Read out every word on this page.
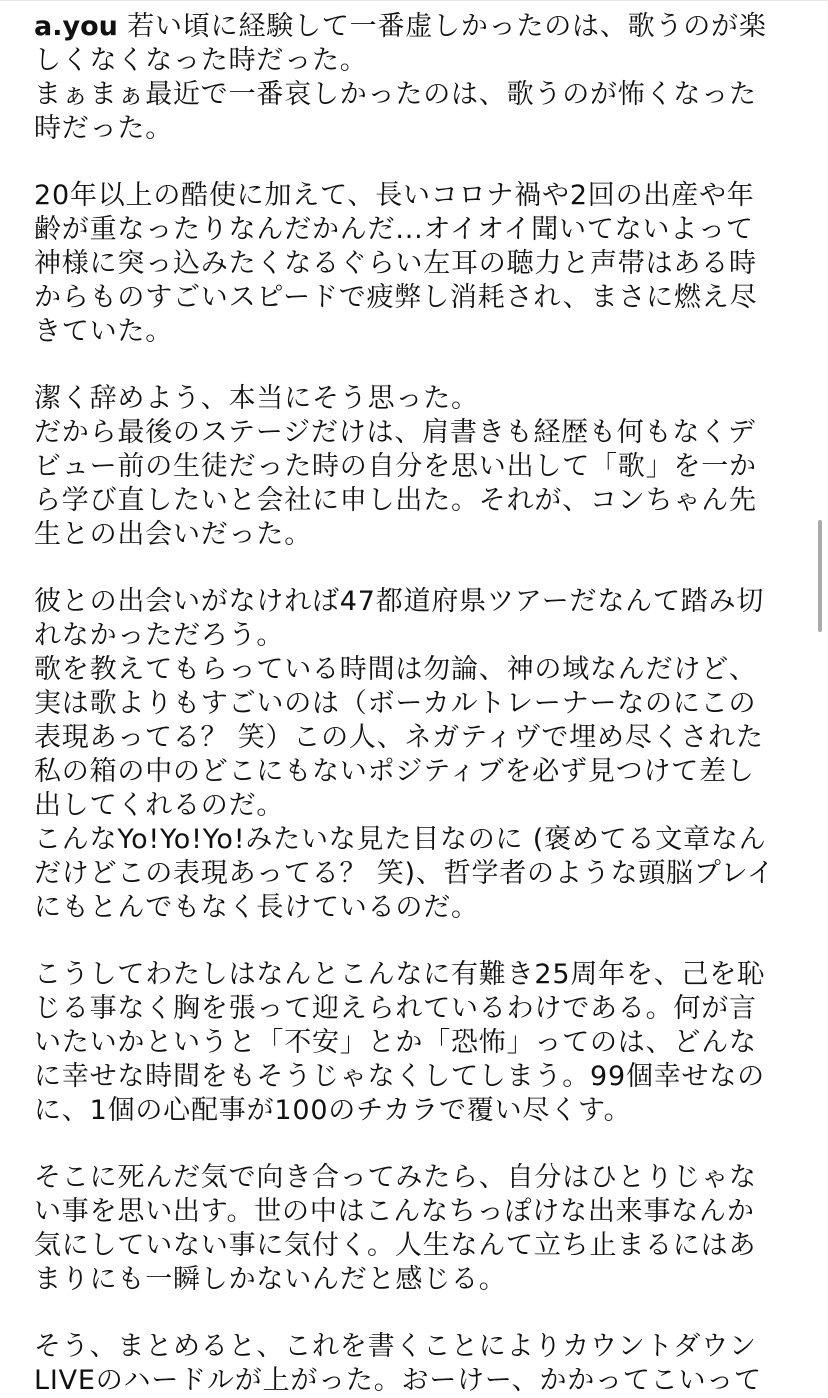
a.you 若い頃に経験して一番虚しかったのは、歌うのが楽
しくなくなった時だった。
まぁまぁ最近で一番哀しかったのは、歌うのが怖くなった
時だった。
20年以上の酷使に加えて、長いコロナ禍や2回の出産や年
齢が重なったりなんだかんだ...オイオイ聞いてないよって
神様に突っ込みたくなるぐらい左耳の聴力と声帯はある時
からものすごいスピードで疲弊し消耗され、まさに燃え尽
きていた。
潔く辞めよう、本当にそう思った。
だから最後のステージだけは、肩書きも経歴も何もなくデ
ビュー前の生徒だった時の自分を思い出して「歌」を一か
ら学び直したいと会社に申し出た。それが、コンちゃん先
生との出会いだった。
彼との出会いがなければ47都道府県ツアーだなんて踏み切
れなかっただろう。
歌を教えてもらっている時間は勿論、神の域なんだけど、
実は歌よりもすごいのは（ボーカルトレーナーなのにこの
表現あってる？ 笑）この人、ネガティヴで埋め尽くされた
私の箱の中のどこにもないポジティブを必ず見つけて差し
出してくれるのだ。
こんなYo!Yo!Yo!みたいな見た目なのに (褒めてる文章なん
だけどこの表現あってる？ 笑)、哲学者のような頭脳プレイ
にもとんでもなく長けているのだ。
こうしてわたしはなんとこんなに有難き25周年を、己を恥
じる事なく胸を張って迎えられているわけである。何が言
いたいかというと「不安」とか「恐怖」ってのは、どんな
に幸せな時間をもそうじゃなくしてしまう。99個幸せなの
に、1個の心配事が100のチカラで覆い尽くす。
そこに死んだ気で向き合ってみたら、自分はひとりじゃな
い事を思い出す。世の中はこんなちっぽけな出来事なんか
気にしていない事に気付く。人生なんて立ち止まるにはあ
まりにも一瞬しかないんだと感じる。
そう、まとめると、これを書くことによりカウントダウン
LIVEのハードルが上がった。おーけー、かかってこいって
